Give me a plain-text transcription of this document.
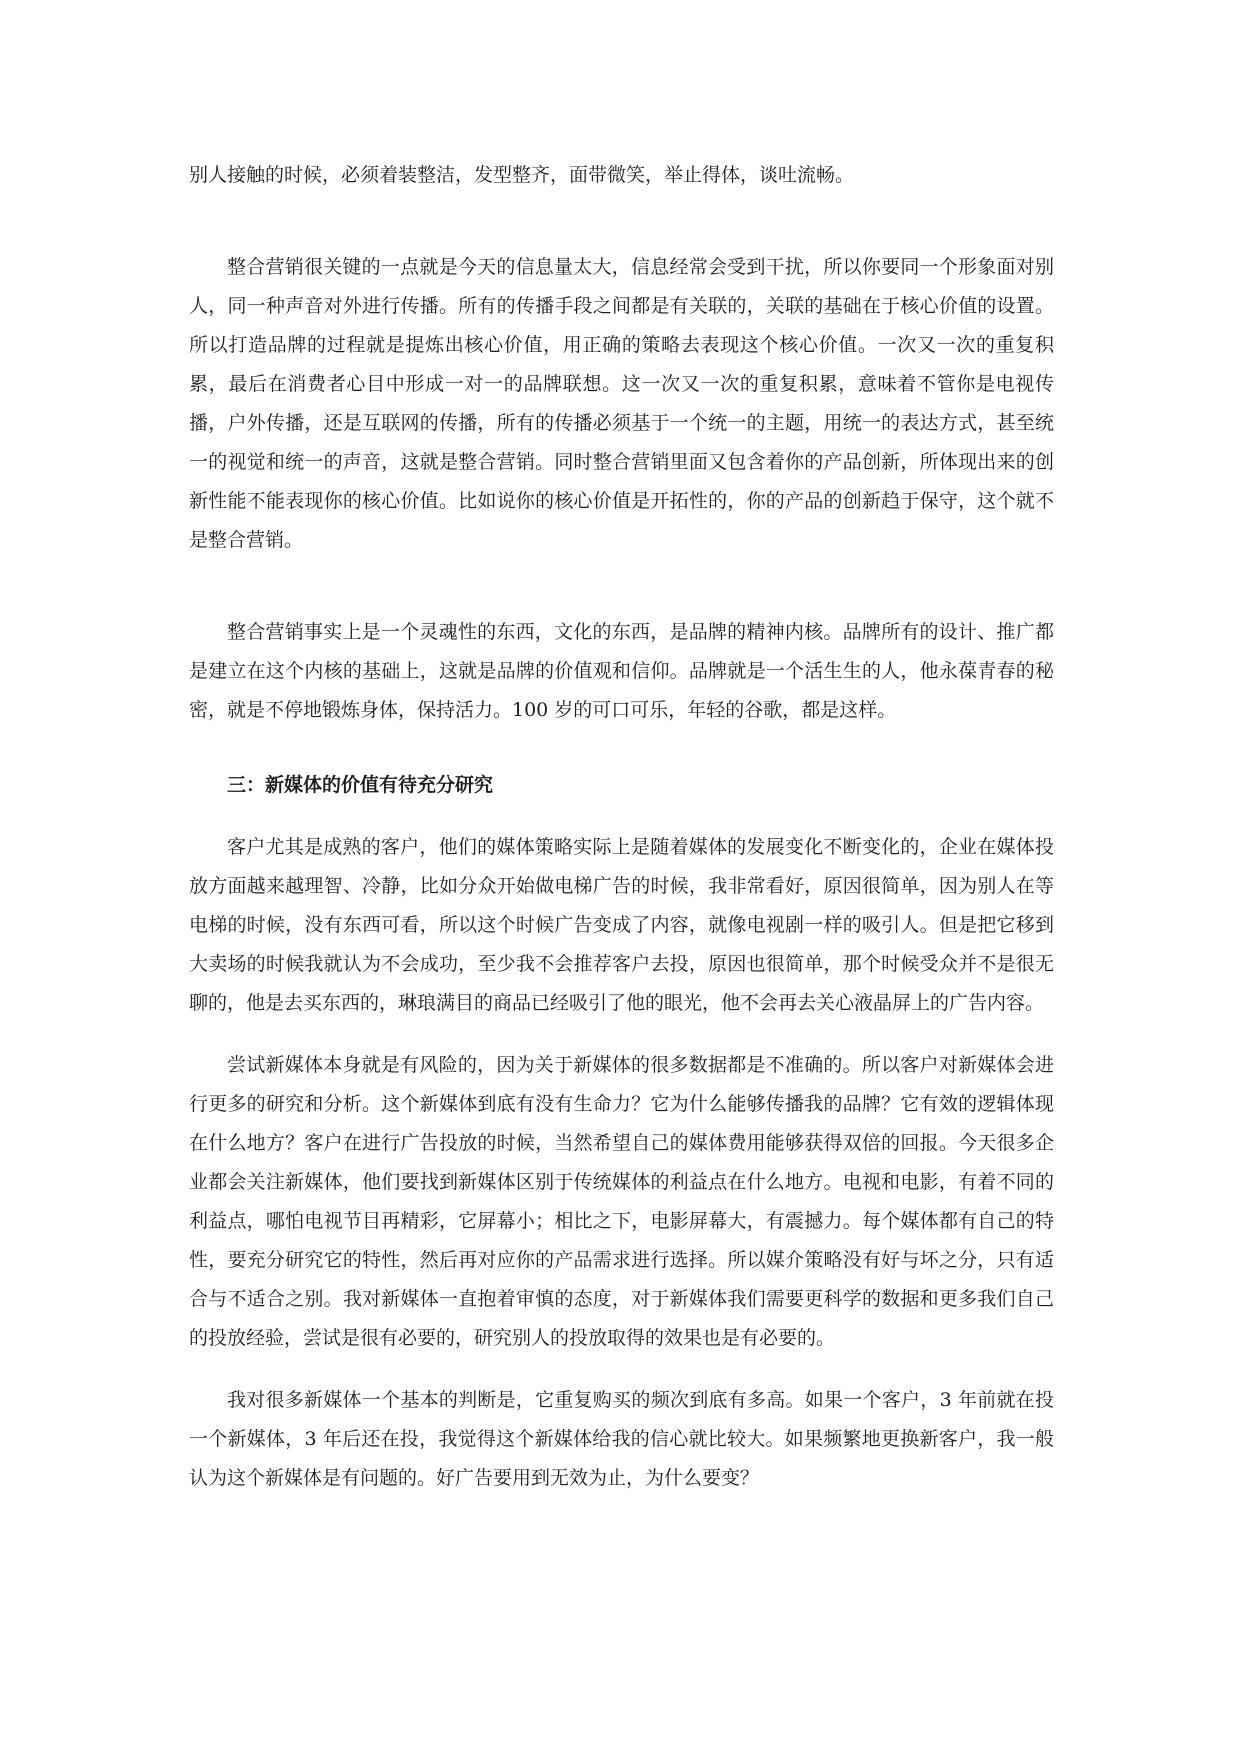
别人接触的时候，必须着装整洁，发型整齐，面带微笑，举止得体，谈吐流畅。

整合营销很关键的一点就是今天的信息量太大，信息经常会受到干扰，所以你要同一个形象面对别人，同一种声音对外进行传播。所有的传播手段之间都是有关联的，关联的基础在于核心价值的设置。所以打造品牌的过程就是提炼出核心价值，用正确的策略去表现这个核心价值。一次又一次的重复积累，最后在消费者心目中形成一对一的品牌联想。这一次又一次的重复积累，意味着不管你是电视传播，户外传播，还是互联网的传播，所有的传播必须基于一个统一的主题，用统一的表达方式，甚至统一的视觉和统一的声音，这就是整合营销。同时整合营销里面又包含着你的产品创新，所体现出来的创新性能不能表现你的核心价值。比如说你的核心价值是开拓性的，你的产品的创新趋于保守，这个就不是整合营销。

整合营销事实上是一个灵魂性的东西，文化的东西，是品牌的精神内核。品牌所有的设计、推广都是建立在这个内核的基础上，这就是品牌的价值观和信仰。品牌就是一个活生生的人，他永葆青春的秘密，就是不停地锻炼身体，保持活力。100 岁的可口可乐，年轻的谷歌，都是这样。

三：新媒体的价值有待充分研究

客户尤其是成熟的客户，他们的媒体策略实际上是随着媒体的发展变化不断变化的，企业在媒体投放方面越来越理智、冷静，比如分众开始做电梯广告的时候，我非常看好，原因很简单，因为别人在等电梯的时候，没有东西可看，所以这个时候广告变成了内容，就像电视剧一样的吸引人。但是把它移到大卖场的时候我就认为不会成功，至少我不会推荐客户去投，原因也很简单，那个时候受众并不是很无聊的，他是去买东西的，琳琅满目的商品已经吸引了他的眼光，他不会再去关心液晶屏上的广告内容。

尝试新媒体本身就是有风险的，因为关于新媒体的很多数据都是不准确的。所以客户对新媒体会进行更多的研究和分析。这个新媒体到底有没有生命力？它为什么能够传播我的品牌？它有效的逻辑体现在什么地方？客户在进行广告投放的时候，当然希望自己的媒体费用能够获得双倍的回报。今天很多企业都会关注新媒体，他们要找到新媒体区别于传统媒体的利益点在什么地方。电视和电影，有着不同的利益点，哪怕电视节目再精彩，它屏幕小；相比之下，电影屏幕大，有震撼力。每个媒体都有自己的特性，要充分研究它的特性，然后再对应你的产品需求进行选择。所以媒介策略没有好与坏之分，只有适合与不适合之别。我对新媒体一直抱着审慎的态度，对于新媒体我们需要更科学的数据和更多我们自己的投放经验，尝试是很有必要的，研究别人的投放取得的效果也是有必要的。

我对很多新媒体一个基本的判断是，它重复购买的频次到底有多高。如果一个客户，3 年前就在投一个新媒体，3 年后还在投，我觉得这个新媒体给我的信心就比较大。如果频繁地更换新客户，我一般认为这个新媒体是有问题的。好广告要用到无效为止，为什么要变？
